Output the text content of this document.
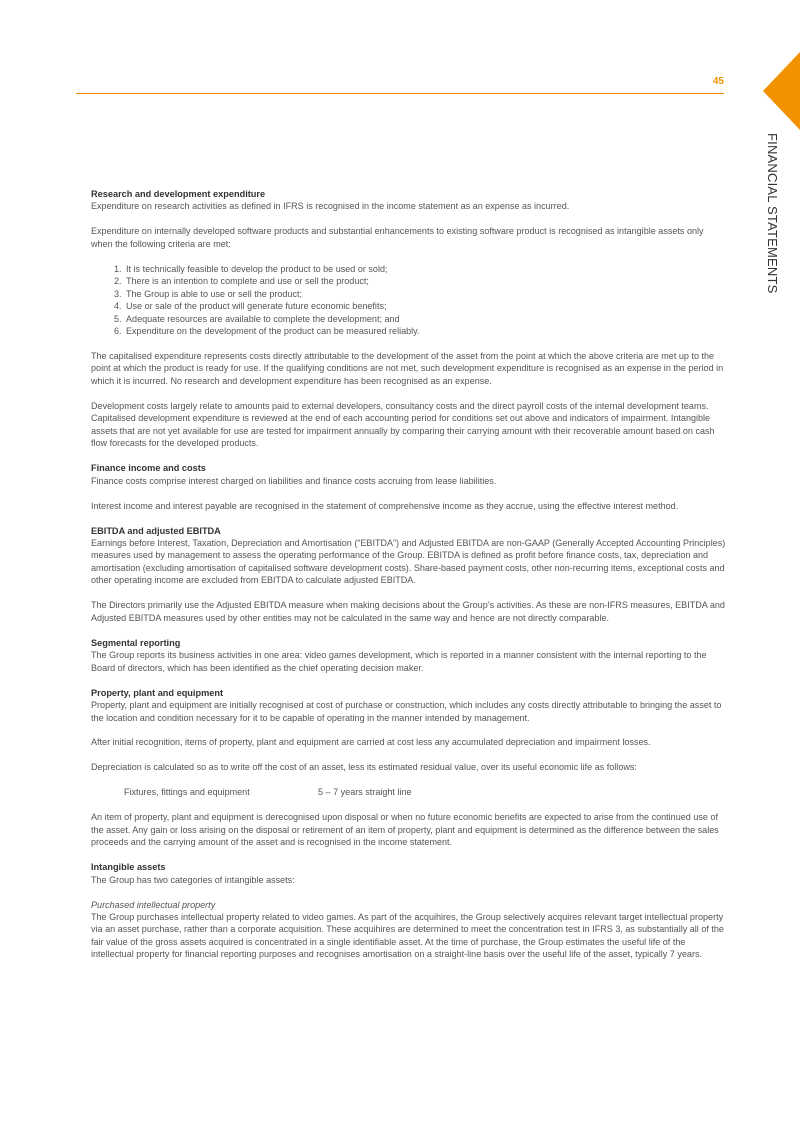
45
FINANCIAL STATEMENTS
Research and development expenditure

Expenditure on research activities as defined in IFRS is recognised in the income statement as an expense as incurred.

Expenditure on internally developed software products and substantial enhancements to existing software product is recognised as intangible assets only when the following criteria are met:

1. It is technically feasible to develop the product to be used or sold;
2. There is an intention to complete and use or sell the product;
3. The Group is able to use or sell the product;
4. Use or sale of the product will generate future economic benefits;
5. Adequate resources are available to complete the development; and
6. Expenditure on the development of the product can be measured reliably.

The capitalised expenditure represents costs directly attributable to the development of the asset from the point at which the above criteria are met up to the point at which the product is ready for use. If the qualifying conditions are not met, such development expenditure is recognised as an expense in the period in which it is incurred. No research and development expenditure has been recognised as an expense.

Development costs largely relate to amounts paid to external developers, consultancy costs and the direct payroll costs of the internal development teams. Capitalised development expenditure is reviewed at the end of each accounting period for conditions set out above and indicators of impairment. Intangible assets that are not yet available for use are tested for impairment annually by comparing their carrying amount with their recoverable amount based on cash flow forecasts for the developed products.

Finance income and costs

Finance costs comprise interest charged on liabilities and finance costs accruing from lease liabilities.

Interest income and interest payable are recognised in the statement of comprehensive income as they accrue, using the effective interest method.

EBITDA and adjusted EBITDA

Earnings before Interest, Taxation, Depreciation and Amortisation (“EBITDA”) and Adjusted EBITDA are non-GAAP (Generally Accepted Accounting Principles) measures used by management to assess the operating performance of the Group. EBITDA is defined as profit before finance costs, tax, depreciation and amortisation (excluding amortisation of capitalised software development costs). Share-based payment costs, other non-recurring items, exceptional costs and other operating income are excluded from EBITDA to calculate adjusted EBITDA.

The Directors primarily use the Adjusted EBITDA measure when making decisions about the Group’s activities. As these are non-IFRS measures, EBITDA and Adjusted EBITDA measures used by other entities may not be calculated in the same way and hence are not directly comparable.

Segmental reporting

The Group reports its business activities in one area: video games development, which is reported in a manner consistent with the internal reporting to the Board of directors, which has been identified as the chief operating decision maker.

Property, plant and equipment

Property, plant and equipment are initially recognised at cost of purchase or construction, which includes any costs directly attributable to bringing the asset to the location and condition necessary for it to be capable of operating in the manner intended by management.

After initial recognition, items of property, plant and equipment are carried at cost less any accumulated depreciation and impairment losses.

Depreciation is calculated so as to write off the cost of an asset, less its estimated residual value, over its useful economic life as follows:

Fixtures, fittings and equipment	5 – 7 years straight line

An item of property, plant and equipment is derecognised upon disposal or when no future economic benefits are expected to arise from the continued use of the asset. Any gain or loss arising on the disposal or retirement of an item of property, plant and equipment is determined as the difference between the sales proceeds and the carrying amount of the asset and is recognised in the income statement.

Intangible assets

The Group has two categories of intangible assets:

Purchased intellectual property

The Group purchases intellectual property related to video games. As part of the acquihires, the Group selectively acquires relevant target intellectual property via an asset purchase, rather than a corporate acquisition. These acquihires are determined to meet the concentration test in IFRS 3, as substantially all of the fair value of the gross assets acquired is concentrated in a single identifiable asset. At the time of purchase, the Group estimates the useful life of the intellectual property for financial reporting purposes and recognises amortisation on a straight-line basis over the useful life of the asset, typically 7 years.
